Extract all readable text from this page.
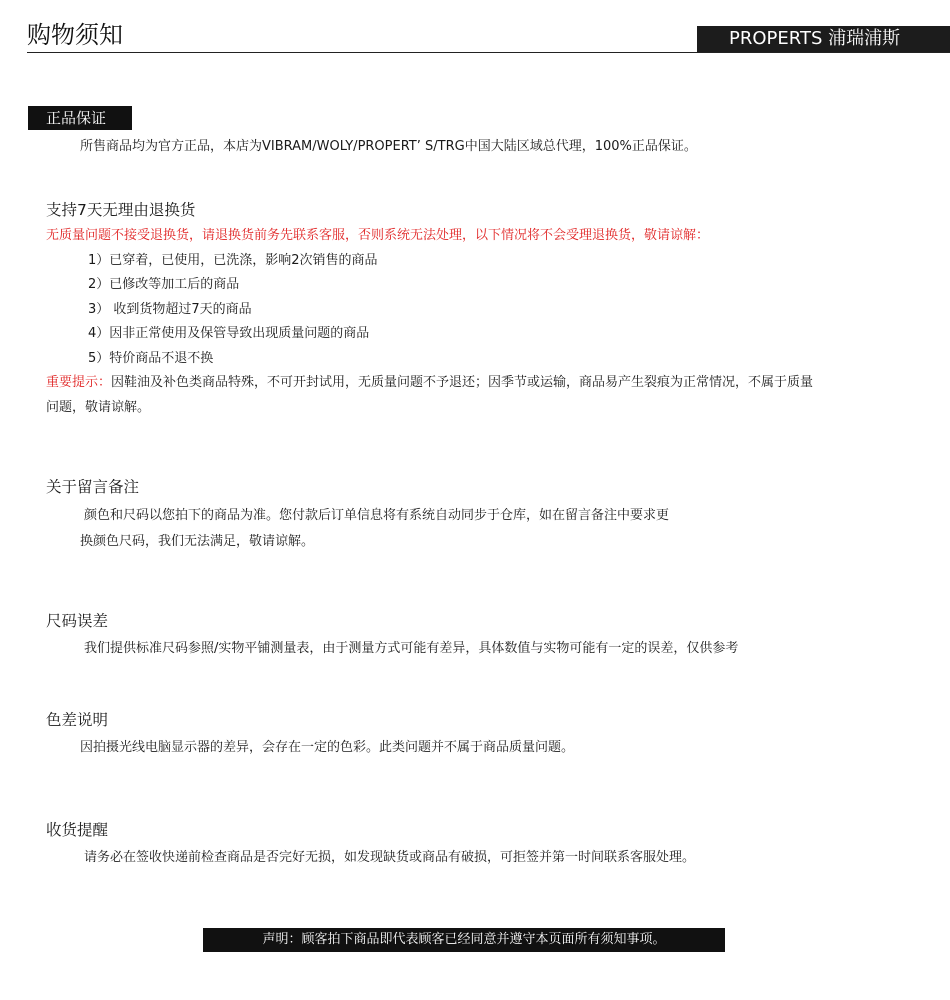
购物须知	PROPERTS 浦瑞浦斯
正品保证
所售商品均为官方正品，本店为VIBRAM/WOLY/PROPERT’ S/TRG中国大陆区域总代理，100%正品保证。
支持7天无理由退换货
无质量问题不接受退换货，请退换货前务先联系客服，否则系统无法处理，以下情况将不会受理退换货，敬请谅解：
1）已穿着，已使用，已洗涤，影响2次销售的商品
2）已修改等加工后的商品
3） 收到货物超过7天的商品
4）因非正常使用及保管导致出现质量问题的商品
5）特价商品不退不换
重要提示：因鞋油及补色类商品特殊，不可开封试用，无质量问题不予退还；因季节或运输，商品易产生裂痕为正常情况，不属于质量
问题，敬请谅解。
关于留言备注
颜色和尺码以您拍下的商品为准。您付款后订单信息将有系统自动同步于仓库，如在留言备注中要求更
换颜色尺码，我们无法满足，敬请谅解。
尺码误差
我们提供标准尺码参照/实物平铺测量表，由于测量方式可能有差异，具体数值与实物可能有一定的误差，仅供参考
色差说明
因拍摄光线电脑显示器的差异，会存在一定的色彩。此类问题并不属于商品质量问题。
收货提醒
请务必在签收快递前检查商品是否完好无损，如发现缺货或商品有破损，可拒签并第一时间联系客服处理。
声明：顾客拍下商品即代表顾客已经同意并遵守本页面所有须知事项。
